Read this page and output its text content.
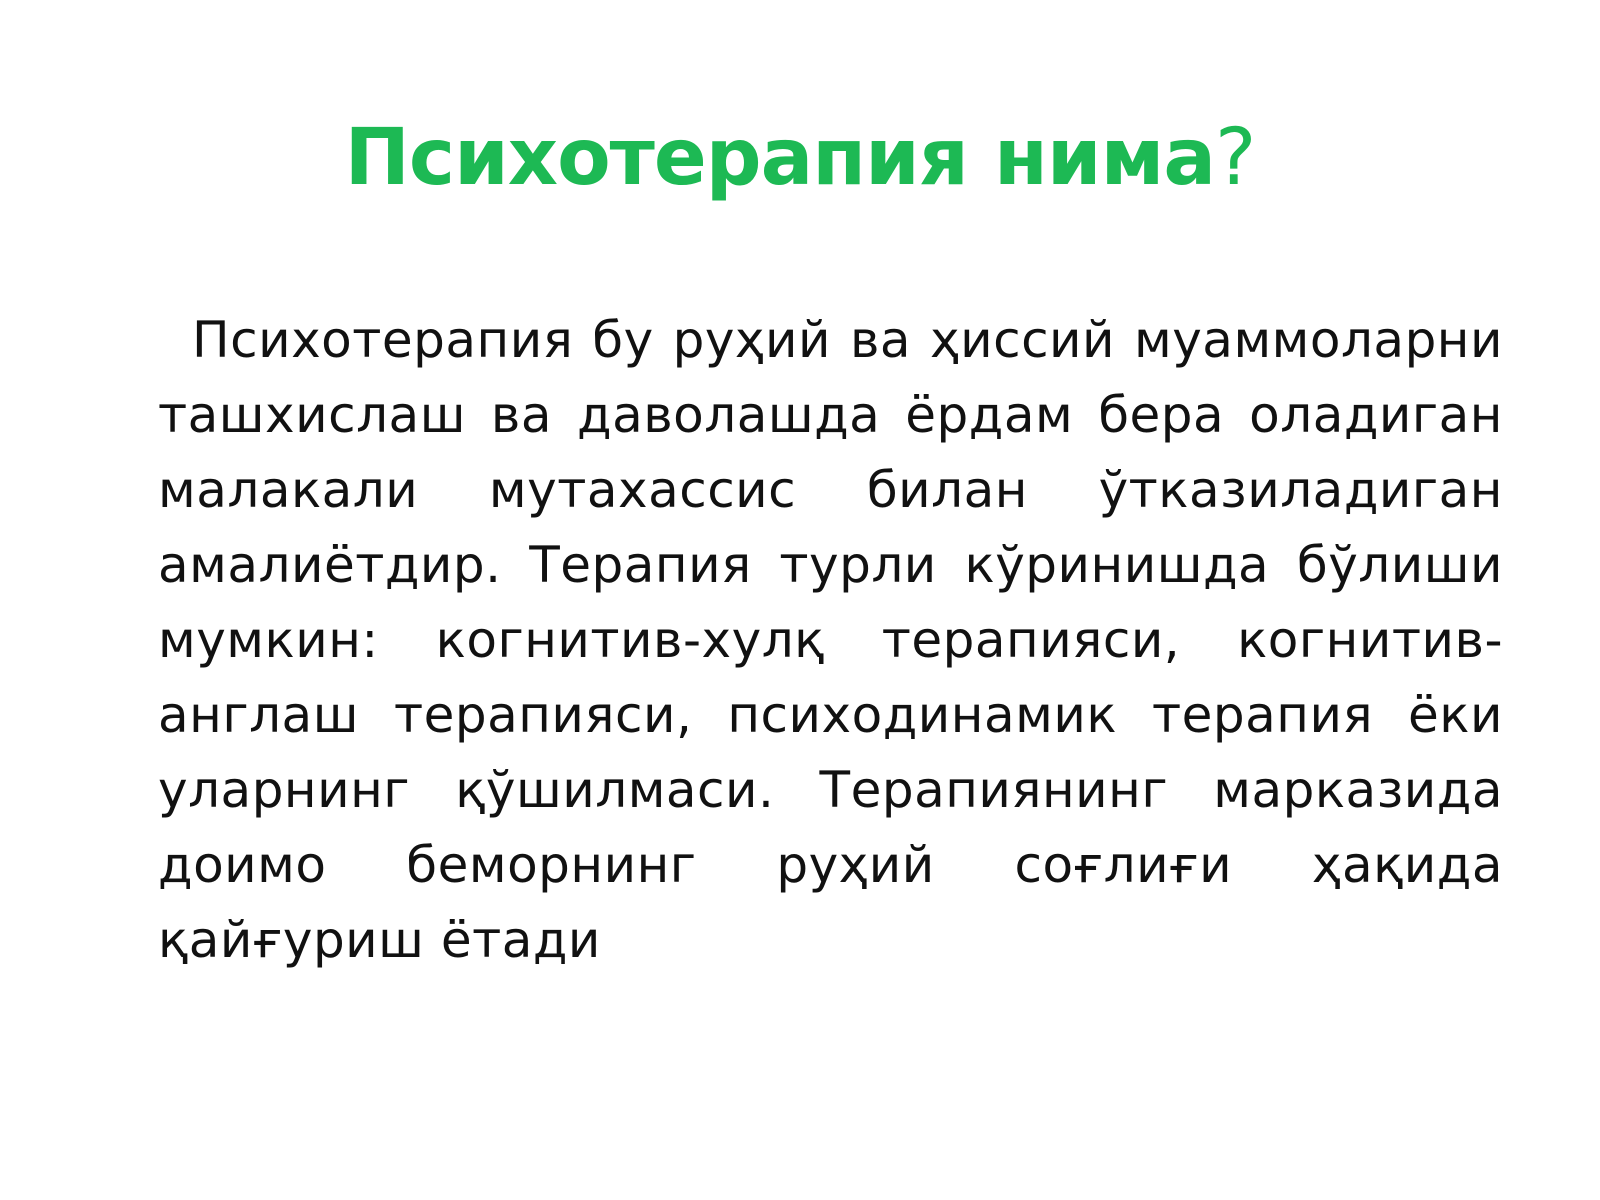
Психотерапия нима?

Психотерапия бу руҳий ва ҳиссий муаммоларни ташхислаш ва даволашда ёрдам бера оладиган малакали мутахассис билан ўтказиладиган амалиётдир. Терапия турли кўринишда бўлиши мумкин: когнитив-хулқ терапияси, когнитив-англаш терапияси, психодинамик терапия ёки уларнинг қўшилмаси. Терапиянинг марказида доимо беморнинг руҳий соғлиғи ҳақида қайғуриш ётади
